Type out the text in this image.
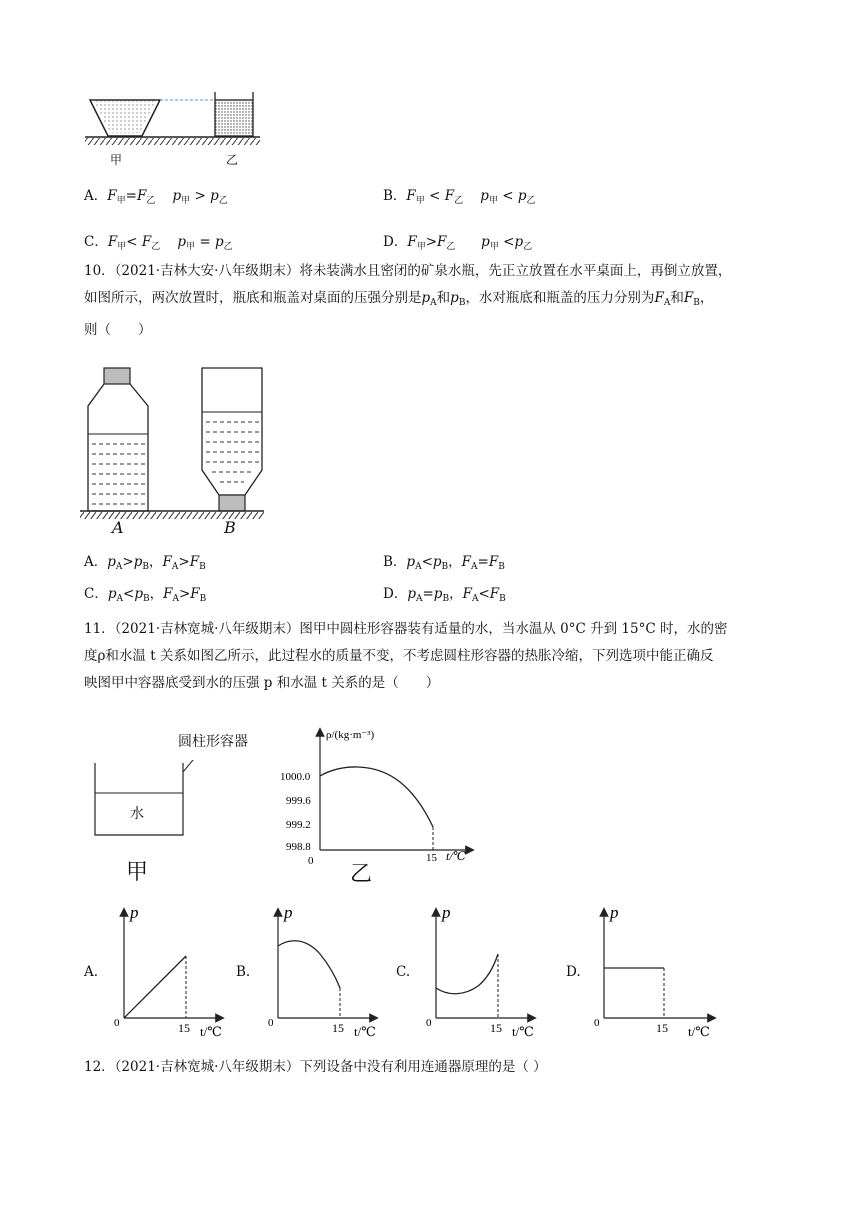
甲	乙
A．$F_甲=F_乙$ $p_甲 > p_乙$	B．$F_甲 < F_乙$ $p_甲 < p_乙$
C．$F_甲< F_乙$ $p_甲 = p_乙$	D．$F_甲>F_乙$ $p_甲 <p_乙$
10．（2021·吉林大安·八年级期末）将未装满水且密闭的矿泉水瓶，先正立放置在水平桌面上，再倒立放置，
如图所示，两次放置时，瓶底和瓶盖对桌面的压强分别是$p_A$和$p_B$，水对瓶底和瓶盖的压力分别为$F_A$和$F_B$，
则（　　）
A	B
A．$p_A>p_B$，$F_A>F_B$	B．$p_A<p_B$，$F_A=F_B$
C．$p_A<p_B$，$F_A>F_B$	D．$p_A=p_B$，$F_A<F_B$
11．（2021·吉林宽城·八年级期末）图甲中圆柱形容器装有适量的水，当水温从 0°C 升到 15°C 时，水的密
度ρ和水温 t 关系如图乙所示，此过程水的质量不变，不考虑圆柱形容器的热胀冷缩，下列选项中能正确反
映图甲中容器底受到水的压强 p 和水温 t 关系的是（　　）
圆柱形容器
水
甲
ρ/(kg·m⁻³)
1000.0
999.6
999.2
998.8
0	15 t/℃
乙
A.
p
0	15 t/℃
B.
p
0	15 t/℃
C.
p
0	15 t/℃
D.
p
0	15 t/℃
12．（2021·吉林宽城·八年级期末）下列设备中没有利用连通器原理的是（ ）
